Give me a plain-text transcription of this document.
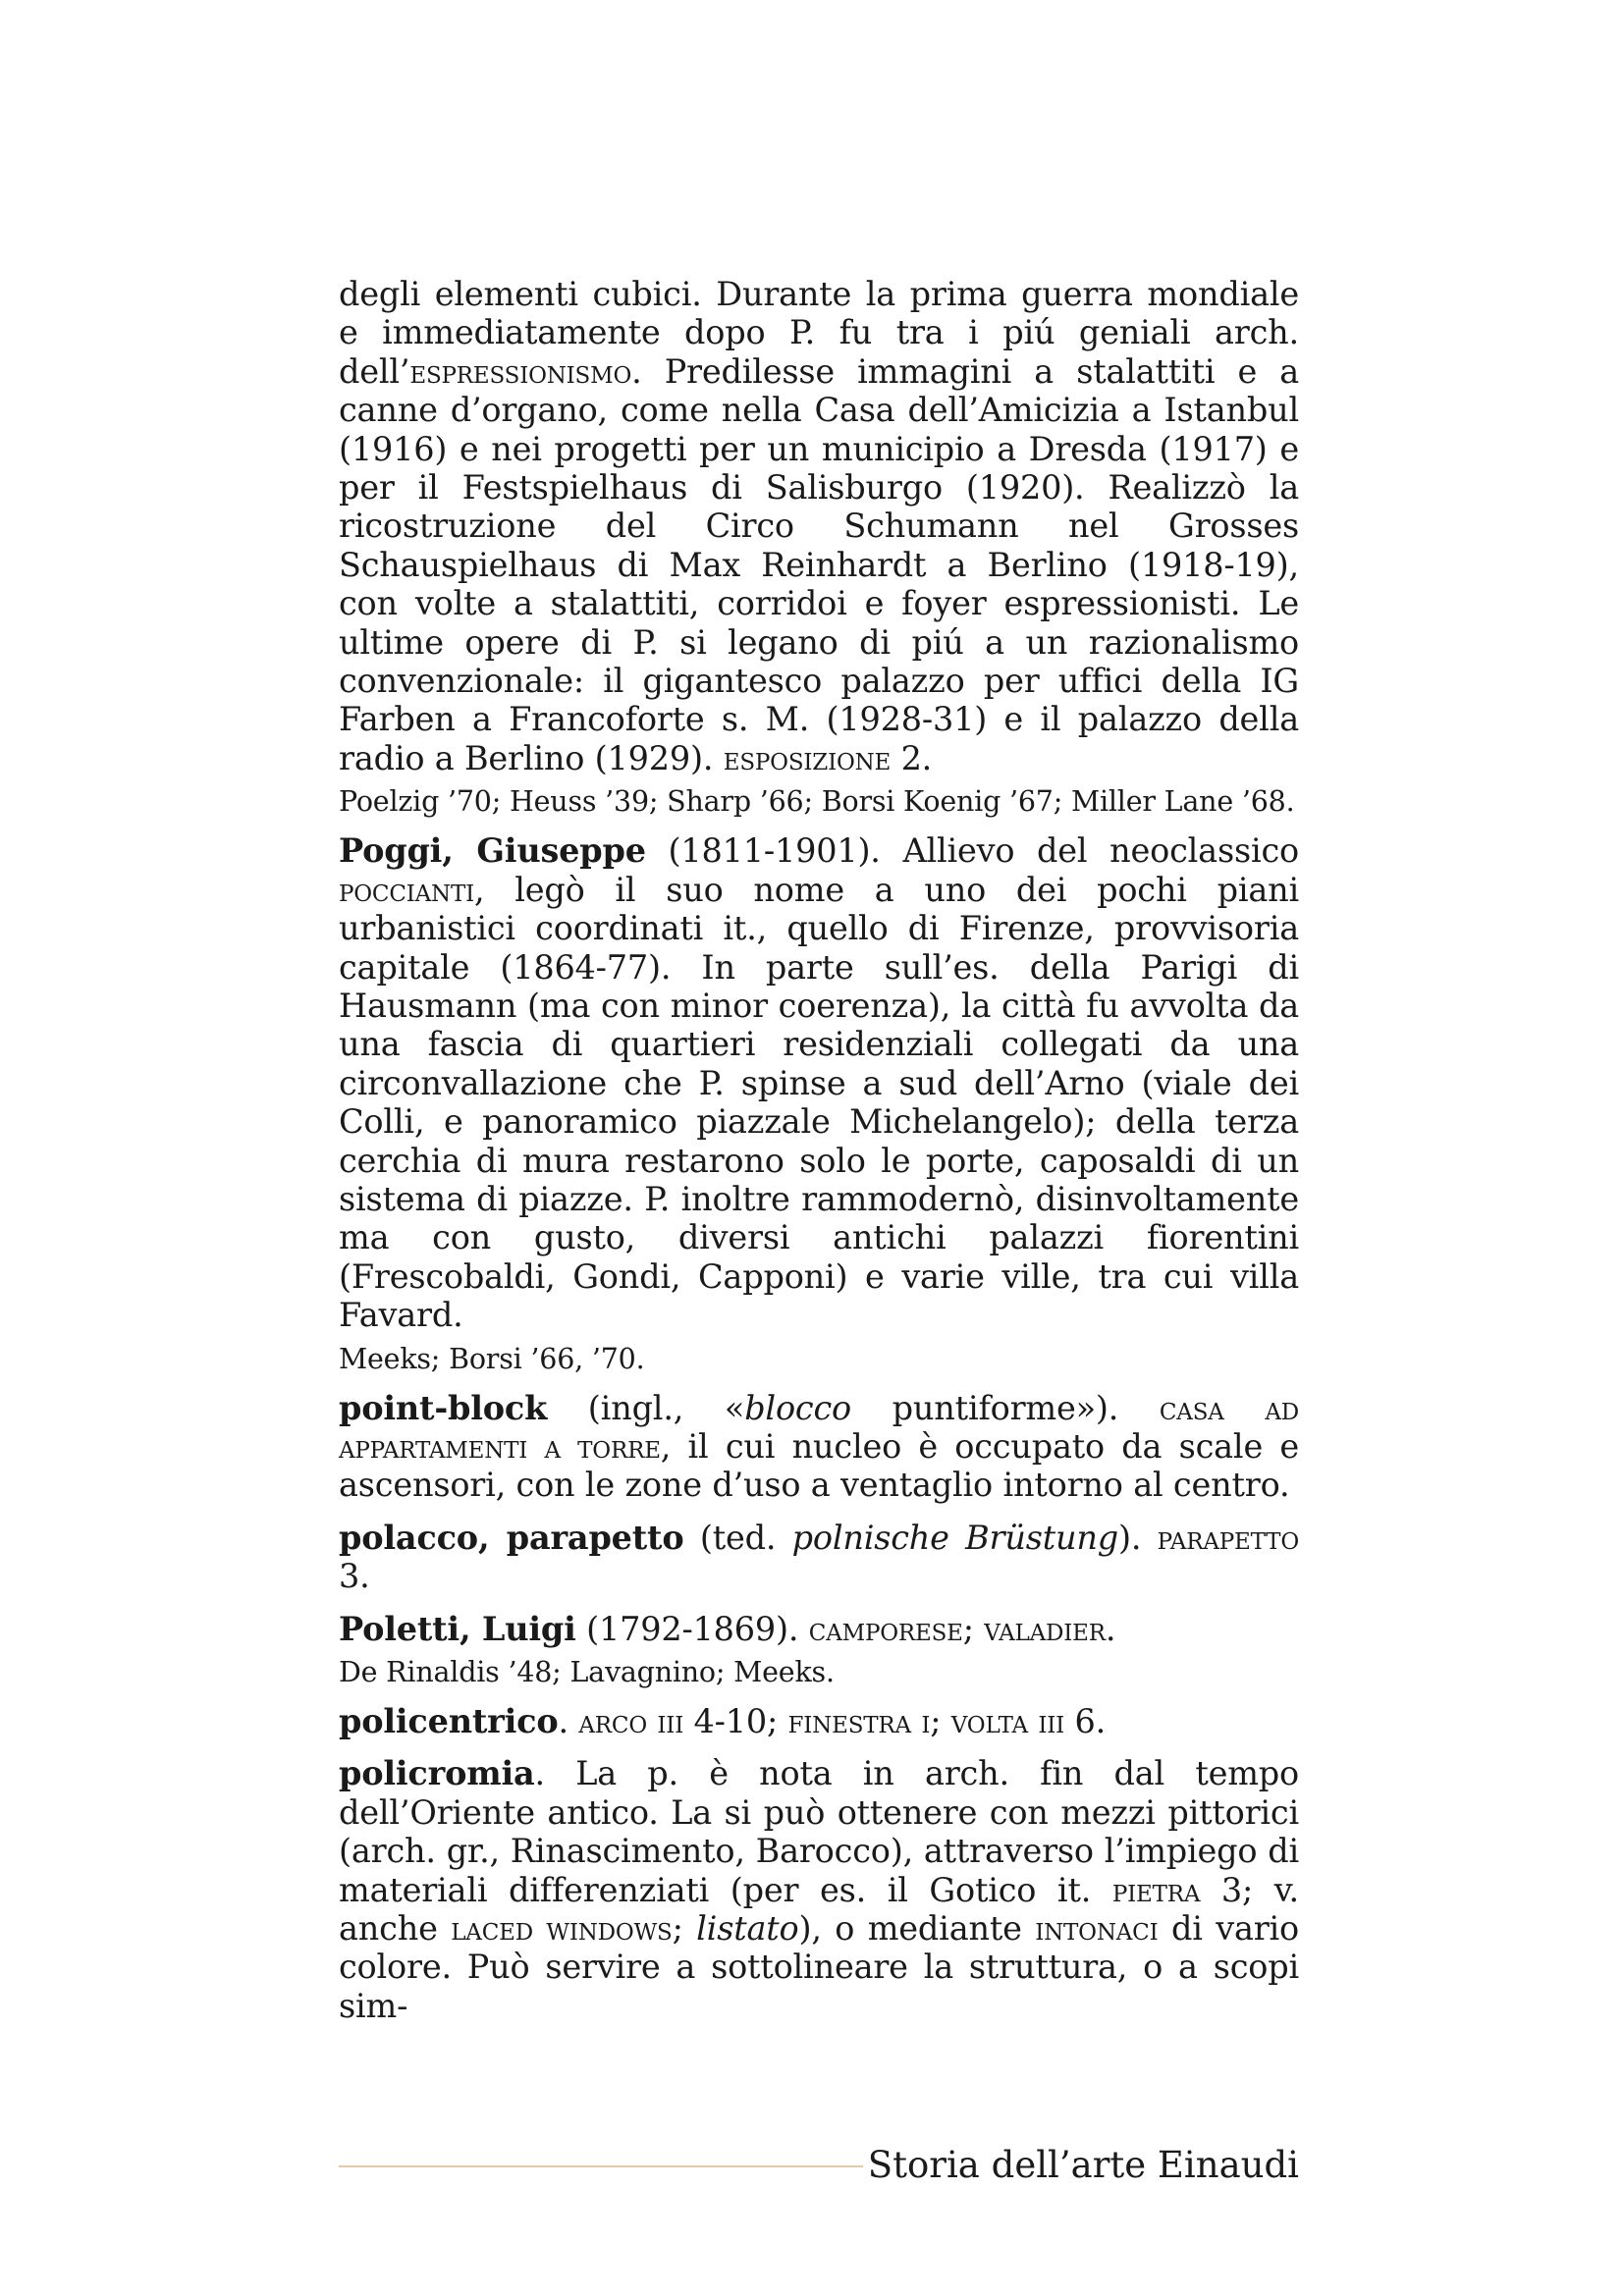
degli elementi cubici. Durante la prima guerra mondiale e immediatamente dopo P. fu tra i piú geniali arch. dell’espressionismo. Predilesse immagini a stalattiti e a canne d’organo, come nella Casa dell’Amicizia a Istanbul (1916) e nei progetti per un municipio a Dresda (1917) e per il Festspielhaus di Salisburgo (1920). Realizzò la ricostruzione del Circo Schumann nel Grosses Schauspielhaus di Max Reinhardt a Berlino (1918-19), con volte a stalattiti, corridoi e foyer espressionisti. Le ultime opere di P. si legano di piú a un razionalismo convenzionale: il gigantesco palazzo per uffici della IG Farben a Francoforte s. M. (1928-31) e il palazzo della radio a Berlino (1929). esposizione 2.

Poelzig ’70; Heuss ’39; Sharp ’66; Borsi Koenig ’67; Miller Lane ’68.

Poggi, Giuseppe (1811-1901). Allievo del neoclassico poccianti, legò il suo nome a uno dei pochi piani urbanistici coordinati it., quello di Firenze, provvisoria capitale (1864-77). In parte sull’es. della Parigi di Hausmann (ma con minor coerenza), la città fu avvolta da una fascia di quartieri residenziali collegati da una circonvallazione che P. spinse a sud dell’Arno (viale dei Colli, e panoramico piazzale Michelangelo); della terza cerchia di mura restarono solo le porte, caposaldi di un sistema di piazze. P. inoltre rammodernò, disinvoltamente ma con gusto, diversi antichi palazzi fiorentini (Frescobaldi, Gondi, Capponi) e varie ville, tra cui villa Favard.

Meeks; Borsi ’66, ’70.

point-block (ingl., «blocco puntiforme»). casa ad appartamenti a torre, il cui nucleo è occupato da scale e ascensori, con le zone d’uso a ventaglio intorno al centro.

polacco, parapetto (ted. polnische Brüstung). parapetto 3.

Poletti, Luigi (1792-1869). camporese; valadier.

De Rinaldis ’48; Lavagnino; Meeks.

policentrico. arco iii 4-10; finestra i; volta iii 6.

policromia. La p. è nota in arch. fin dal tempo dell’Oriente antico. La si può ottenere con mezzi pittorici (arch. gr., Rinascimento, Barocco), attraverso l’impiego di materiali differenziati (per es. il Gotico it. pietra 3; v. anche laced windows; listato), o mediante intonaci di vario colore. Può servire a sottolineare la struttura, o a scopi sim-

Storia dell’arte Einaudi
